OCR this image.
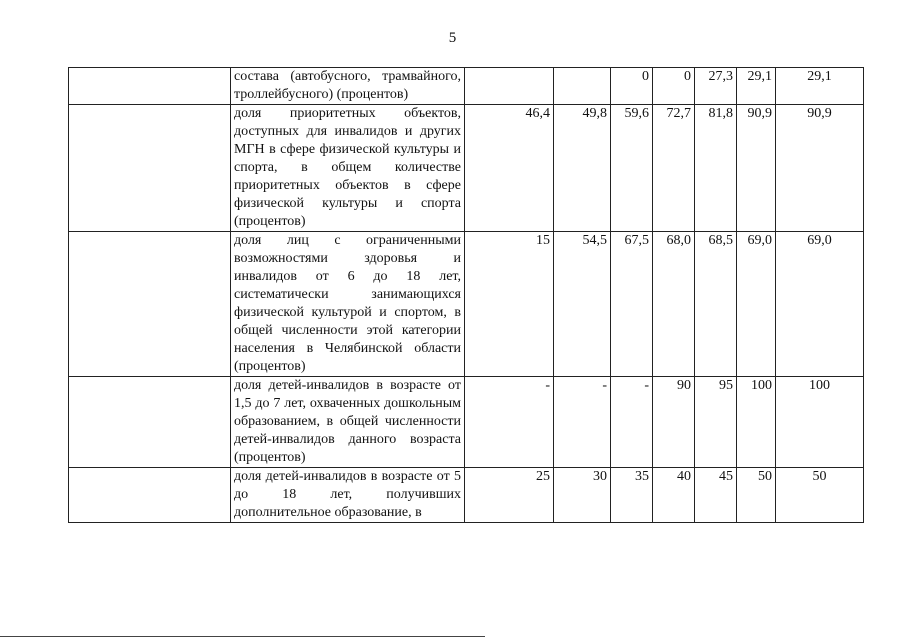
5
	состава (автобусного, трамвайного, троллейбусного) (процентов)			0	0	27,3	29,1	29,1
	доля приоритетных объектов, доступных для инвалидов и других МГН в сфере физической культуры и спорта, в общем количестве приоритетных объектов в сфере физической культуры и спорта (процентов)	46,4	49,8	59,6	72,7	81,8	90,9	90,9
	доля лиц с ограниченными возможностями здоровья и инвалидов от 6 до 18 лет, систематически занимающихся физической культурой и спортом, в общей численности этой категории населения в Челябинской области (процентов)	15	54,5	67,5	68,0	68,5	69,0	69,0
	доля детей-инвалидов в возрасте от 1,5 до 7 лет, охваченных дошкольным образованием, в общей численности детей-инвалидов данного возраста (процентов)	-	-	-	90	95	100	100
	доля детей-инвалидов в возрасте от 5 до 18 лет, получивших дополнительное образование, в	25	30	35	40	45	50	50
